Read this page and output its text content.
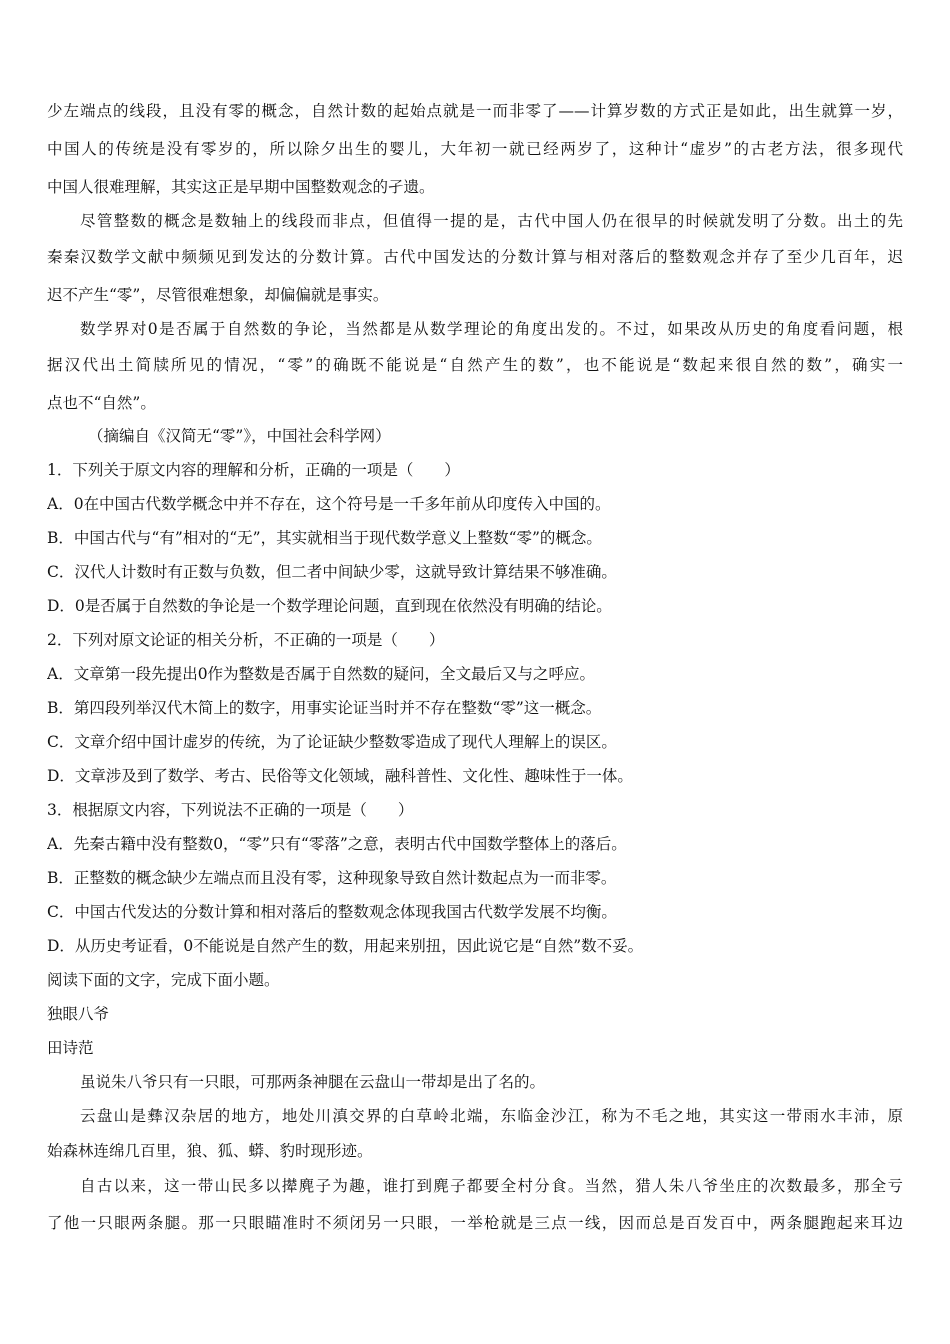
少左端点的线段，且没有零的概念，自然计数的起始点就是一而非零了——计算岁数的方式正是如此，出生就算一岁，
中国人的传统是没有零岁的，所以除夕出生的婴儿，大年初一就已经两岁了，这种计“虚岁”的古老方法，很多现代
中国人很难理解，其实这正是早期中国整数观念的孑遗。
尽管整数的概念是数轴上的线段而非点，但值得一提的是，古代中国人仍在很早的时候就发明了分数。出土的先
秦秦汉数学文献中频频见到发达的分数计算。古代中国发达的分数计算与相对落后的整数观念并存了至少几百年，迟
迟不产生“零”，尽管很难想象，却偏偏就是事实。
数学界对0是否属于自然数的争论，当然都是从数学理论的角度出发的。不过，如果改从历史的角度看问题，根
据汉代出土简牍所见的情况，“零”的确既不能说是“自然产生的数”，也不能说是“数起来很自然的数”，确实一
点也不“自然”。
（摘编自《汉简无“零”》，中国社会科学网）
1．下列关于原文内容的理解和分析，正确的一项是（　　）
A．0在中国古代数学概念中并不存在，这个符号是一千多年前从印度传入中国的。
B．中国古代与“有”相对的“无”，其实就相当于现代数学意义上整数“零”的概念。
C．汉代人计数时有正数与负数，但二者中间缺少零，这就导致计算结果不够准确。
D．0是否属于自然数的争论是一个数学理论问题，直到现在依然没有明确的结论。
2．下列对原文论证的相关分析，不正确的一项是（　　）
A．文章第一段先提出0作为整数是否属于自然数的疑问，全文最后又与之呼应。
B．第四段列举汉代木简上的数字，用事实论证当时并不存在整数“零”这一概念。
C．文章介绍中国计虚岁的传统，为了论证缺少整数零造成了现代人理解上的误区。
D．文章涉及到了数学、考古、民俗等文化领域，融科普性、文化性、趣味性于一体。
3．根据原文内容，下列说法不正确的一项是（　　）
A．先秦古籍中没有整数0，“零”只有“零落”之意，表明古代中国数学整体上的落后。
B．正整数的概念缺少左端点而且没有零，这种现象导致自然计数起点为一而非零。
C．中国古代发达的分数计算和相对落后的整数观念体现我国古代数学发展不均衡。
D．从历史考证看，0不能说是自然产生的数，用起来别扭，因此说它是“自然”数不妥。
阅读下面的文字，完成下面小题。
独眼八爷
田诗范
虽说朱八爷只有一只眼，可那两条神腿在云盘山一带却是出了名的。
云盘山是彝汉杂居的地方，地处川滇交界的白草岭北端，东临金沙江，称为不毛之地，其实这一带雨水丰沛，原
始森林连绵几百里，狼、狐、蟒、豹时现形迹。
自古以来，这一带山民多以撵麂子为趣，谁打到麂子都要全村分食。当然，猎人朱八爷坐庄的次数最多，那全亏
了他一只眼两条腿。那一只眼瞄准时不须闭另一只眼，一举枪就是三点一线，因而总是百发百中，两条腿跑起来耳边
